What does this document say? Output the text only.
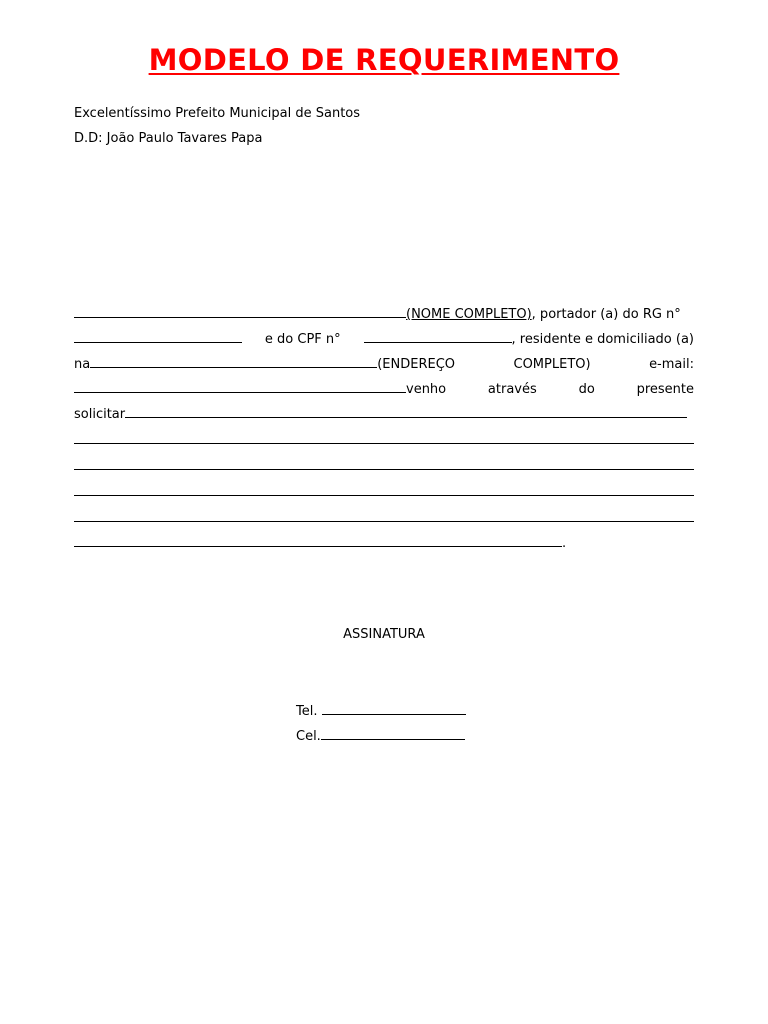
MODELO DE REQUERIMENTO
Excelentíssimo Prefeito Municipal de Santos
D.D: João Paulo Tavares Papa
(NOME COMPLETO), portador (a) do RG n°
e do CPF n°	, residente e domiciliado (a)
na	(ENDEREÇO	COMPLETO)	e-mail:
venho	através	do	presente
solicitar
.
ASSINATURA
Tel.
Cel.
